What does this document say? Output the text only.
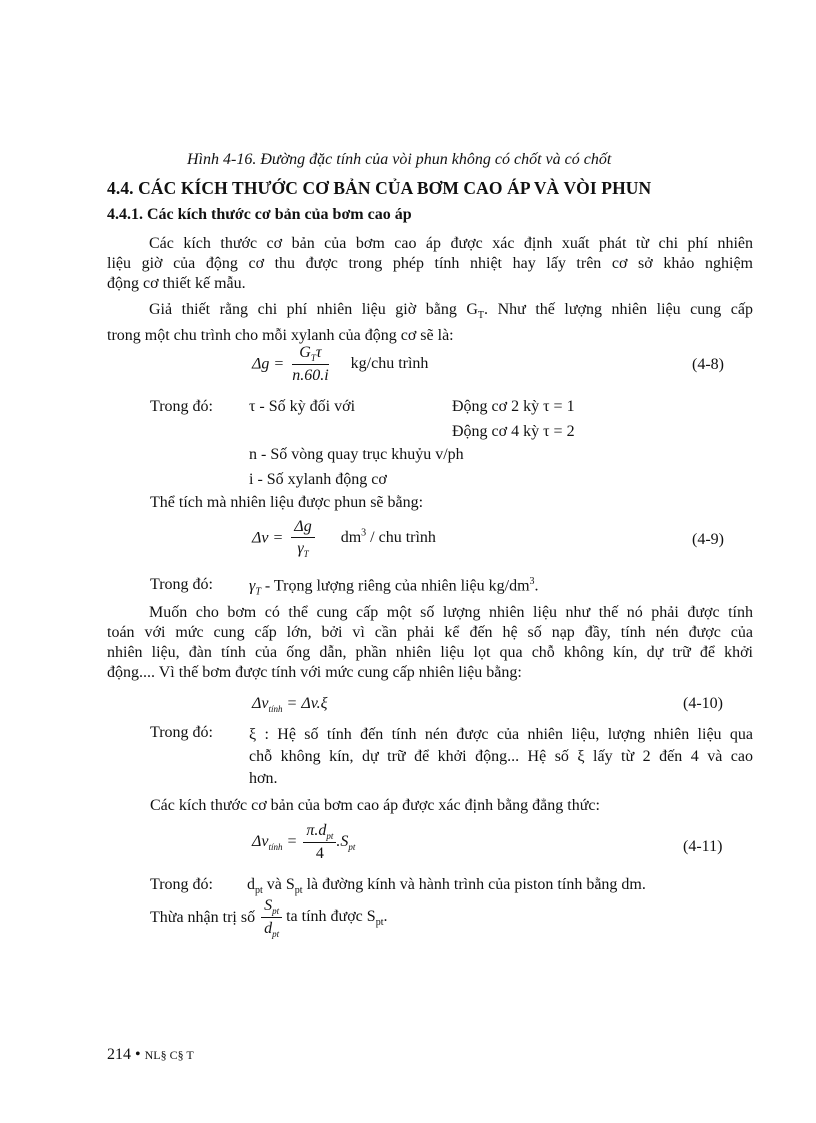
Hình 4-16. Đường đặc tính của vòi phun không có chốt và có chốt
4.4. CÁC KÍCH THƯỚC CƠ BẢN CỦA BƠM CAO ÁP VÀ VÒI PHUN
4.4.1. Các kích thước cơ bản của bơm cao áp
Các kích thước cơ bản của bơm cao áp được xác định xuất phát từ chi phí nhiên
liệu giờ của động cơ thu được trong phép tính nhiệt hay lấy trên cơ sở khảo nghiệm
động cơ thiết kế mẫu.
Giả thiết rằng chi phí nhiên liệu giờ bằng $G_T$. Như thế lượng nhiên liệu cung cấp
trong một chu trình cho mỗi xylanh của động cơ sẽ là:
$\Delta g = \frac{G_T\tau}{n.60.i} kg/chu$ trình	(4-8)
Trong đó: τ - Số kỳ đối với	Động cơ 2 kỳ τ = 1
Động cơ 4 kỳ τ = 2
n - Số vòng quay trục khuỷu v/ph
i - Số xylanh động cơ
Thể tích mà nhiên liệu được phun sẽ bằng:
$\Delta v = \frac{\Delta g}{\gamma_T} dm^3$ / chu trình	(4-9)
Trong đó: $\gamma_T$ - Trọng lượng riêng của nhiên liệu $kg/dm^3$.
Muốn cho bơm có thể cung cấp một số lượng nhiên liệu như thế nó phải được tính
toán với mức cung cấp lớn, bởi vì cần phải kể đến hệ số nạp đầy, tính nén được của
nhiên liệu, đàn tính của ống dẫn, phần nhiên liệu lọt qua chỗ không kín, dự trữ để khởi
động.... Vì thế bơm được tính với mức cung cấp nhiên liệu bằng:
$\Delta v_{tính} = \Delta v.\xi$	(4-10)
Trong đó: ξ : Hệ số tính đến tính nén được của nhiên liệu, lượng nhiên liệu qua
chỗ không kín, dự trữ để khởi động... Hệ số ξ lấy từ 2 đến 4 và cao
hơn.
Các kích thước cơ bản của bơm cao áp được xác định bằng đẳng thức:
$\Delta v_{tính} = \frac{\pi.d_{pt}}{4} .S_{pt}$	(4-11)
Trong đó: $d_{pt}$ và $S_{pt}$ là đường kính và hành trình của piston tính bằng dm.
Thừa nhận trị số $\frac{S_{pt}}{d_{pt}}$ ta tính được $S_{pt}$.
214 • NL§ C§ T
